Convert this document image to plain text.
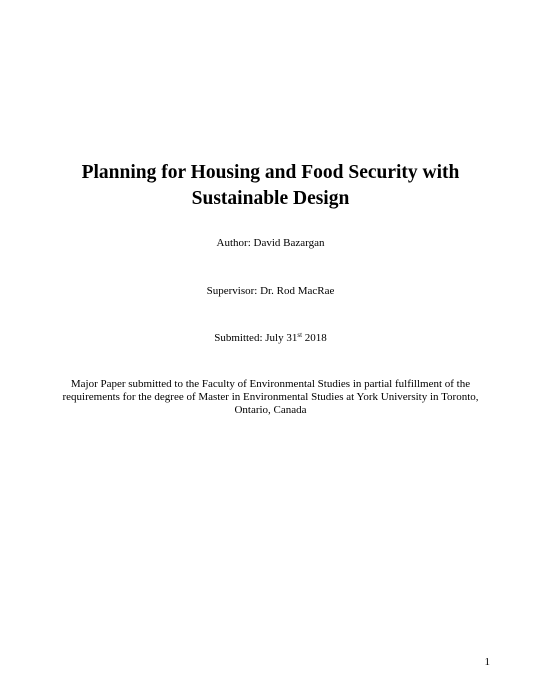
Planning for Housing and Food Security with
Sustainable Design
Author: David Bazargan
Supervisor: Dr. Rod MacRae
Submitted: July 31st 2018
Major Paper submitted to the Faculty of Environmental Studies in partial fulfillment of the
requirements for the degree of Master in Environmental Studies at York University in Toronto,
Ontario, Canada
1
